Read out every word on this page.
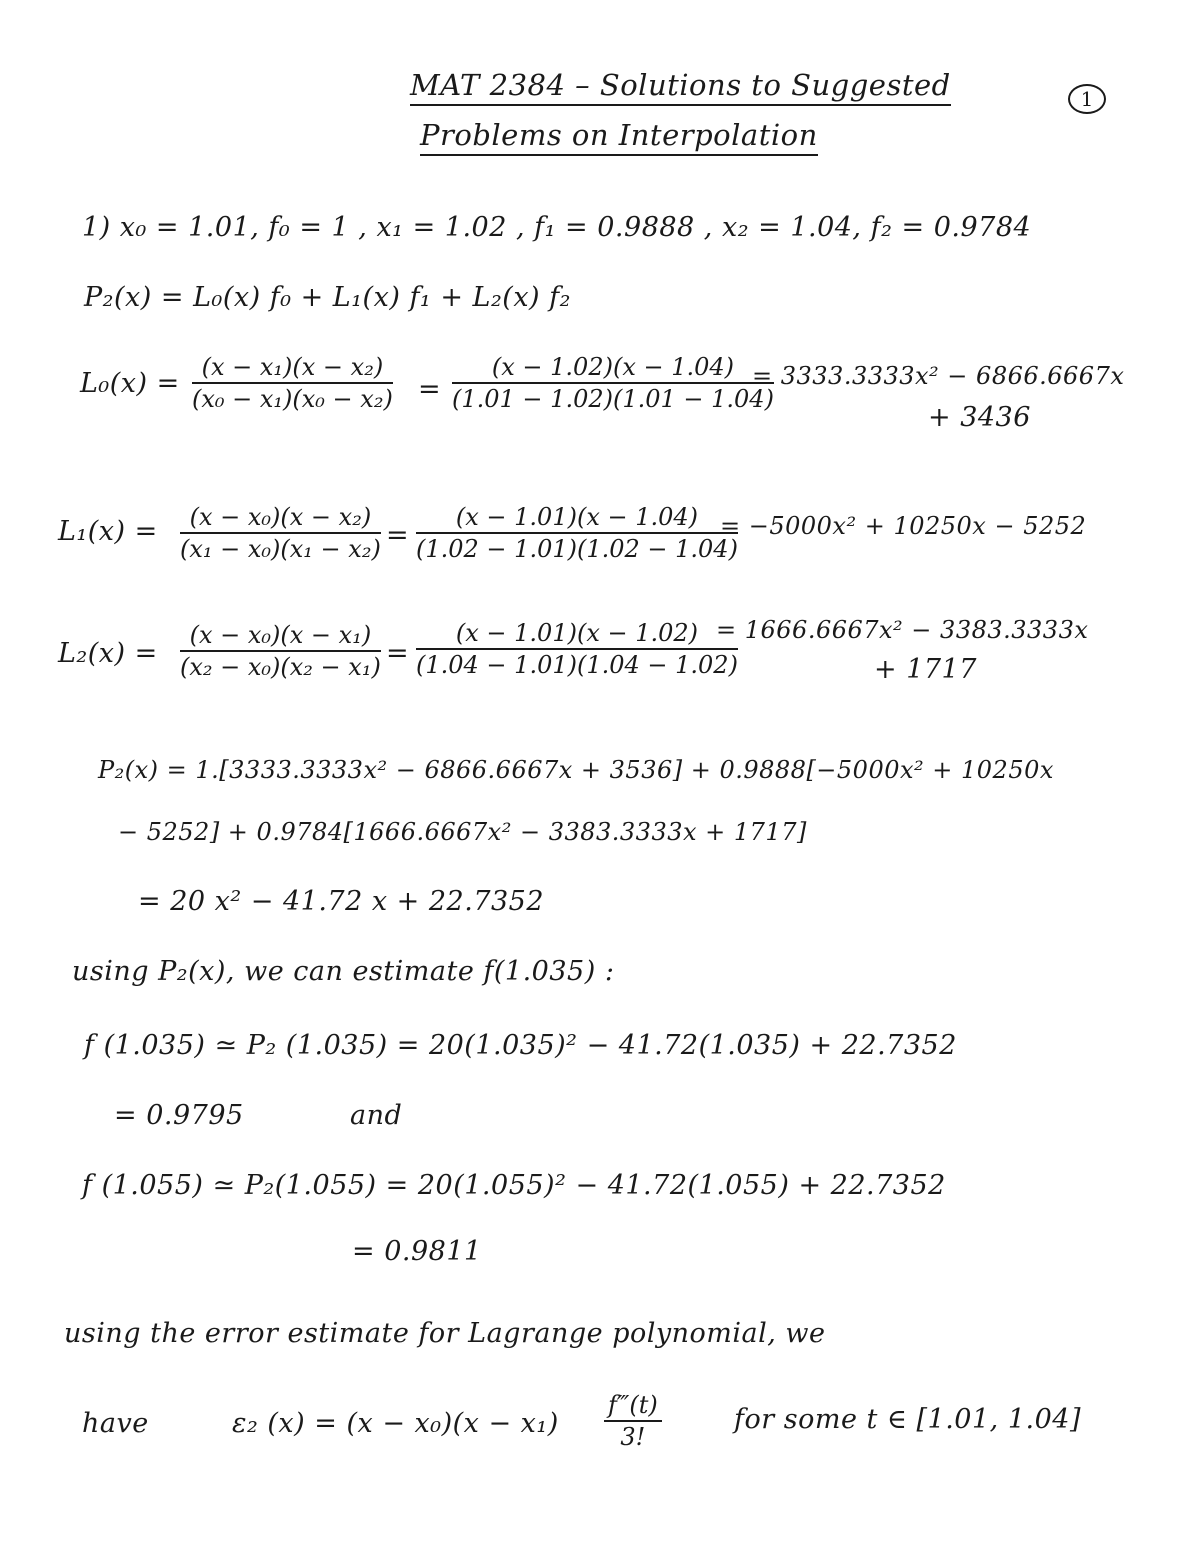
MAT 2384 – Solutions to Suggested
Problems on Interpolation
1
1) x₀ = 1.01, f₀ = 1 , x₁ = 1.02 , f₁ = 0.9888 , x₂ = 1.04, f₂ = 0.9784
P₂(x) = L₀(x) f₀ + L₁(x) f₁ + L₂(x) f₂
$L_0(x) = \frac{\text{(x − x₁)(x − x₂)}}{\text{(x₀ − x₁)(x₀ − x₂)}} = \frac{(x - 1.02)(x - 1.04)}{(1.01 - 1.02)(1.01 - 1.04)}$
= 3333.3333x² − 6866.6667x
+ 3436
$L_1(x) = \frac{\text{(x − x₀)(x − x₂)}}{\text{(x₁ − x₀)(x₁ − x₂)}} = \frac{(x - 1.01)(x - 1.04)}{(1.02 - 1.01)(1.02 - 1.04)}$
= −5000x² + 10250x − 5252
$L_2(x) = \frac{\text{(x − x₀)(x − x₁)}}{\text{(x₂ − x₀)(x₂ − x₁)}} = \frac{(x - 1.01)(x - 1.02)}{(1.04 - 1.01)(1.04 - 1.02)}$
= 1666.6667x² − 3383.3333x
+ 1717
P₂(x) = 1.[3333.3333x² − 6866.6667x + 3536] + 0.9888[−5000x² + 10250x
− 5252] + 0.9784[1666.6667x² − 3383.3333x + 1717]
= 20 x² − 41.72 x + 22.7352
using P₂(x), we can estimate f(1.035) :
f (1.035) ≃ P₂ (1.035) = 20(1.035)² − 41.72(1.035) + 22.7352
= 0.9795	and
f (1.055) ≃ P₂(1.055) = 20(1.055)² − 41.72(1.055) + 22.7352
= 0.9811
using the error estimate for Lagrange polynomial, we
have	ε₂ $(x) = (x - x_0)(x - x_1) \frac{f‴(t)}{3!}$	for some t ∈ [1.01, 1.04]
